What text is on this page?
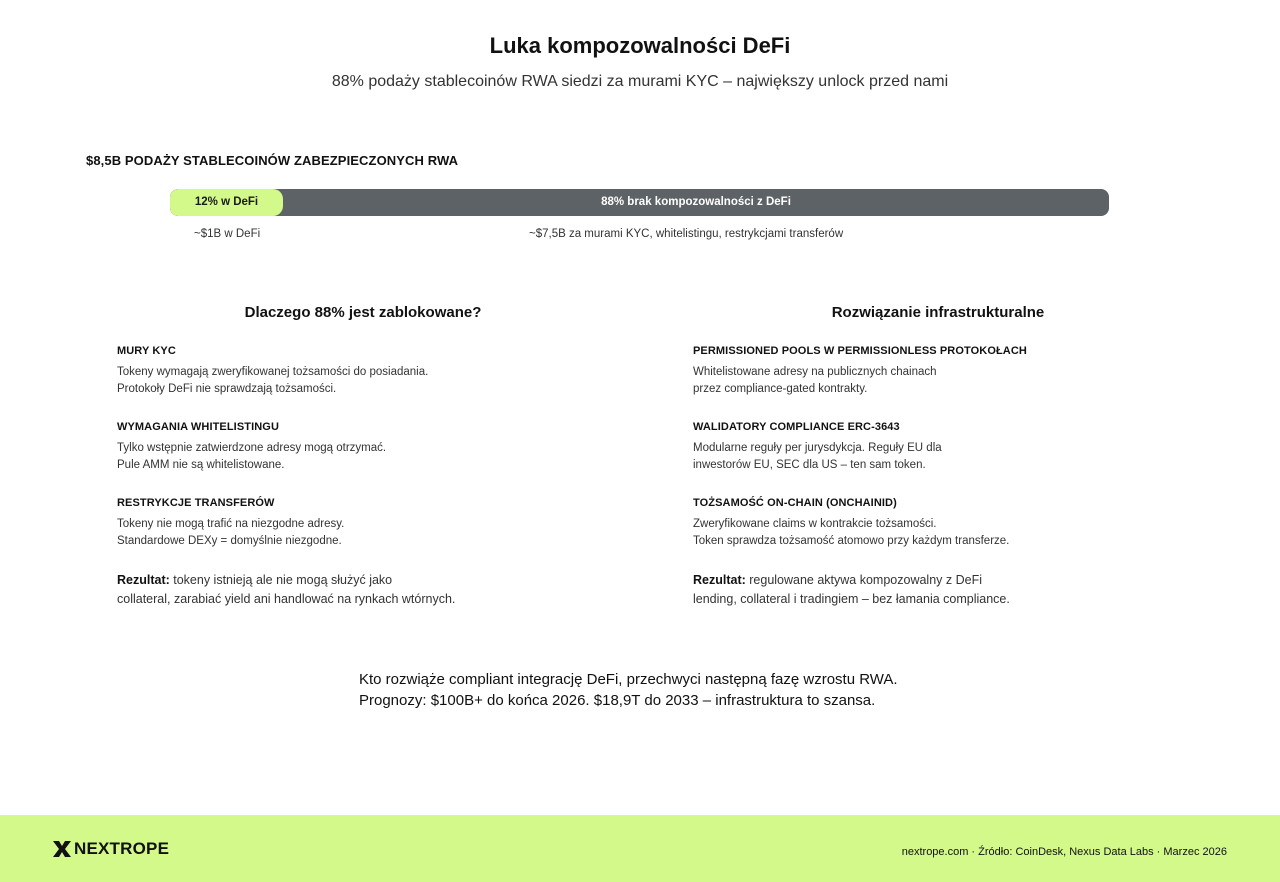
Luka kompozowalności DeFi
88% podaży stablecoinów RWA siedzi za murami KYC – największy unlock przed nami
$8,5B PODAŻY STABLECOINÓW ZABEZPIECZONYCH RWA
12% w DeFi	88% brak kompozowalności z DeFi
~$1B w DeFi	~$7,5B za murami KYC, whitelistingu, restrykcjami transferów
Dlaczego 88% jest zablokowane?
MURY KYC
Tokeny wymagają zweryfikowanej tożsamości do posiadania.
Protokoły DeFi nie sprawdzają tożsamości.
WYMAGANIA WHITELISTINGU
Tylko wstępnie zatwierdzone adresy mogą otrzymać.
Pule AMM nie są whitelistowane.
RESTRYKCJE TRANSFERÓW
Tokeny nie mogą trafić na niezgodne adresy.
Standardowe DEXy = domyślnie niezgodne.
Rezultat: tokeny istnieją ale nie mogą służyć jako
collateral, zarabiać yield ani handlować na rynkach wtórnych.
Rozwiązanie infrastrukturalne
PERMISSIONED POOLS W PERMISSIONLESS PROTOKOŁACH
Whitelistowane adresy na publicznych chainach
przez compliance-gated kontrakty.
WALIDATORY COMPLIANCE ERC-3643
Modularne reguły per jurysdykcja. Reguły EU dla
inwestorów EU, SEC dla US – ten sam token.
TOŻSAMOŚĆ ON-CHAIN (ONCHAINID)
Zweryfikowane claims w kontrakcie tożsamości.
Token sprawdza tożsamość atomowo przy każdym transferze.
Rezultat: regulowane aktywa kompozowalny z DeFi
lending, collateral i tradingiem – bez łamania compliance.
Kto rozwiąże compliant integrację DeFi, przechwyci następną fazę wzrostu RWA.
Prognozy: $100B+ do końca 2026. $18,9T do 2033 – infrastruktura to szansa.
NEXTROPE	nextrope.com · Źródło: CoinDesk, Nexus Data Labs · Marzec 2026
